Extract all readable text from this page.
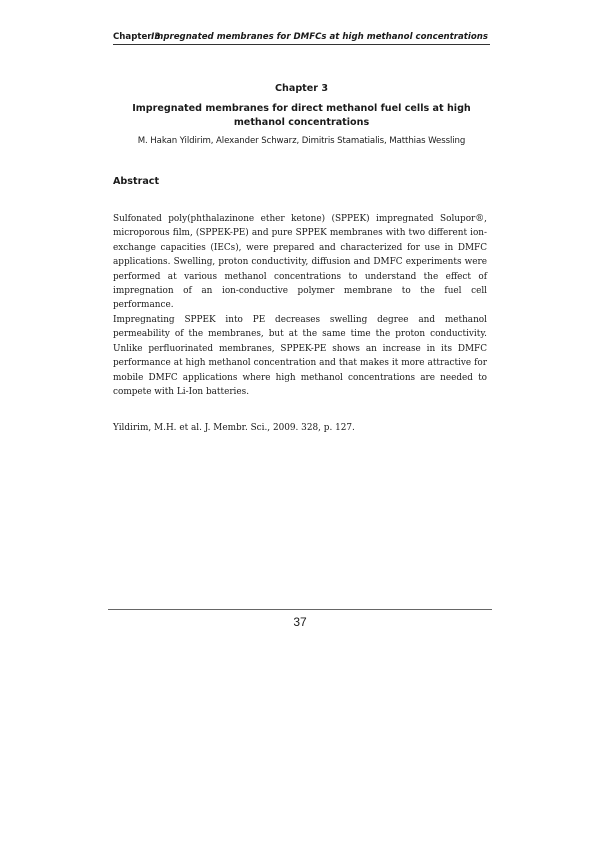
Chapter 3
Impregnated membranes for DMFCs at high methanol concentrations
Chapter 3
Impregnated membranes for direct methanol fuel cells at high methanol concentrations
M. Hakan Yildirim, Alexander Schwarz, Dimitris Stamatialis, Matthias Wessling
Abstract

Sulfonated poly(phthalazinone ether ketone) (SPPEK) impregnated Solupor®, microporous film, (SPPEK-PE) and pure SPPEK membranes with two different ion-exchange capacities (IECs), were prepared and characterized for use in DMFC applications. Swelling, proton conductivity, diffusion and DMFC experiments were performed at various methanol concentrations to understand the effect of impregnation of an ion-conductive polymer membrane to the fuel cell performance.

Impregnating SPPEK into PE decreases swelling degree and methanol permeability of the membranes, but at the same time the proton conductivity. Unlike perfluorinated membranes, SPPEK-PE shows an increase in its DMFC performance at high methanol concentration and that makes it more attractive for mobile DMFC applications where high methanol concentrations are needed to compete with Li-Ion batteries.

Yildirim, M.H. et al. J. Membr. Sci., 2009. 328, p. 127.
37
